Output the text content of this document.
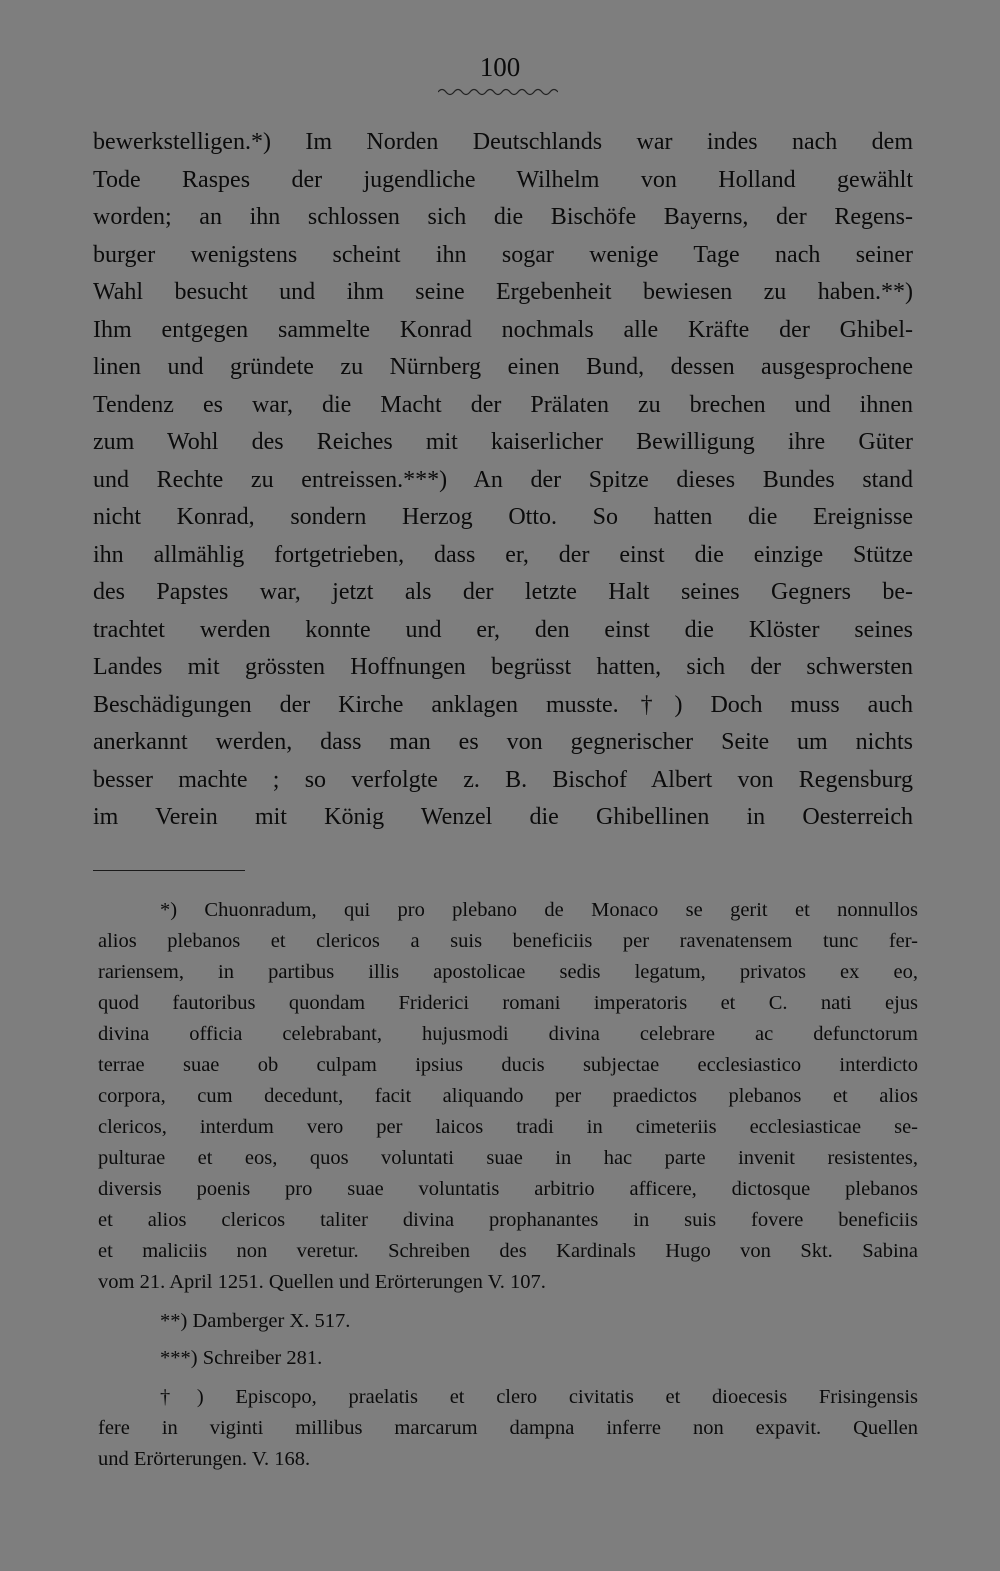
100
bewerkstelligen.*) Im Norden Deutschlands war indes nach dem
Tode Raspes der jugendliche Wilhelm von Holland gewählt
worden; an ihn schlossen sich die Bischöfe Bayerns, der Regens-
burger wenigstens scheint ihn sogar wenige Tage nach seiner
Wahl besucht und ihm seine Ergebenheit bewiesen zu haben.**)
Ihm entgegen sammelte Konrad nochmals alle Kräfte der Ghibel-
linen und gründete zu Nürnberg einen Bund, dessen ausgesprochene
Tendenz es war, die Macht der Prälaten zu brechen und ihnen
zum Wohl des Reiches mit kaiserlicher Bewilligung ihre Güter
und Rechte zu entreissen.***) An der Spitze dieses Bundes stand
nicht Konrad, sondern Herzog Otto. So hatten die Ereignisse
ihn allmählig fortgetrieben, dass er, der einst die einzige Stütze
des Papstes war, jetzt als der letzte Halt seines Gegners be-
trachtet werden konnte und er, den einst die Klöster seines
Landes mit grössten Hoffnungen begrüsst hatten, sich der schwersten
Beschädigungen der Kirche anklagen musste.†) Doch muss auch
anerkannt werden, dass man es von gegnerischer Seite um nichts
besser machte ; so verfolgte z. B. Bischof Albert von Regensburg
im Verein mit König Wenzel die Ghibellinen in Oesterreich
*) Chuonradum, qui pro plebano de Monaco se gerit et nonnullos
alios plebanos et clericos a suis beneficiis per ravenatensem tunc fer-
rariensem, in partibus illis apostolicae sedis legatum, privatos ex eo,
quod fautoribus quondam Friderici romani imperatoris et C. nati ejus
divina officia celebrabant, hujusmodi divina celebrare ac defunctorum
terrae suae ob culpam ipsius ducis subjectae ecclesiastico interdicto
corpora, cum decedunt, facit aliquando per praedictos plebanos et alios
clericos, interdum vero per laicos tradi in cimeteriis ecclesiasticae se-
pulturae et eos, quos voluntati suae in hac parte invenit resistentes,
diversis poenis pro suae voluntatis arbitrio afficere, dictosque plebanos
et alios clericos taliter divina prophanantes in suis fovere beneficiis
et maliciis non veretur. Schreiben des Kardinals Hugo von Skt. Sabina
vom 21. April 1251. Quellen und Erörterungen V. 107.
**) Damberger X. 517.
***) Schreiber 281.
†) Episcopo, praelatis et clero civitatis et dioecesis Frisingensis
fere in viginti millibus marcarum dampna inferre non expavit. Quellen
und Erörterungen. V. 168.
